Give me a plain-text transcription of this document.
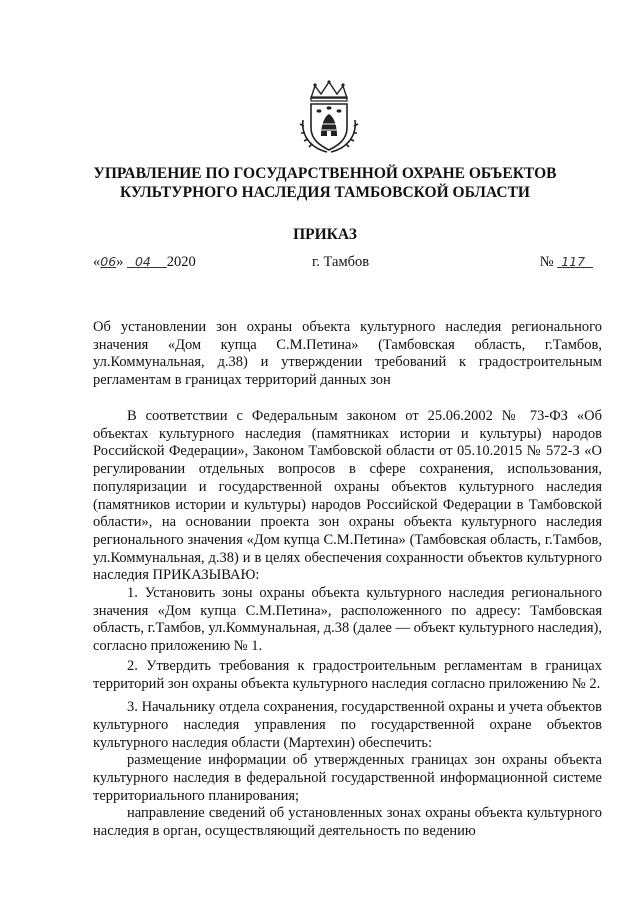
УПРАВЛЕНИЕ ПО ГОСУДАРСТВЕННОЙ ОХРАНЕ ОБЪЕКТОВ
КУЛЬТУРНОГО НАСЛЕДИЯ ТАМБОВСКОЙ ОБЛАСТИ
ПРИКАЗ
«06» 04 2020	г. Тамбов	№ 117

Об установлении зон охраны объекта культурного наследия регионального значения «Дом купца С.М.Петина» (Тамбовская область, г.Тамбов, ул.Коммунальная, д.38) и утверждении требований к градостроительным регламентам в границах территорий данных зон

В соответствии с Федеральным законом от 25.06.2002 № 73-ФЗ «Об объектах культурного наследия (памятниках истории и культуры) народов Российской Федерации», Законом Тамбовской области от 05.10.2015 № 572-З «О регулировании отдельных вопросов в сфере сохранения, использования, популяризации и государственной охраны объектов культурного наследия (памятников истории и культуры) народов Российской Федерации в Тамбовской области», на основании проекта зон охраны объекта культурного наследия регионального значения «Дом купца С.М.Петина» (Тамбовская область, г.Тамбов, ул.Коммунальная, д.38) и в целях обеспечения сохранности объектов культурного наследия ПРИКАЗЫВАЮ:

1. Установить зоны охраны объекта культурного наследия регионального значения «Дом купца С.М.Петина», расположенного по адресу: Тамбовская область, г.Тамбов, ул.Коммунальная, д.38 (далее — объект культурного наследия), согласно приложению № 1.

2. Утвердить требования к градостроительным регламентам в границах территорий зон охраны объекта культурного наследия согласно приложению № 2.

3. Начальнику отдела сохранения, государственной охраны и учета объектов культурного наследия управления по государственной охране объектов культурного наследия области (Мартехин) обеспечить:

размещение информации об утвержденных границах зон охраны объекта культурного наследия в федеральной государственной информационной системе территориального планирования;

направление сведений об установленных зонах охраны объекта культурного наследия в орган, осуществляющий деятельность по ведению
